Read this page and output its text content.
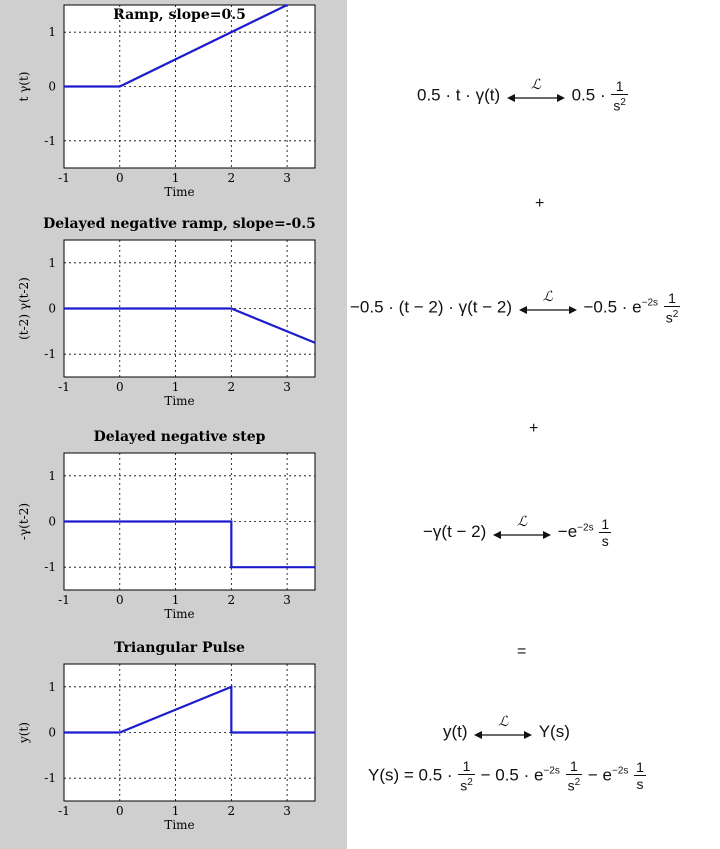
-1	0	1	2	3
-1
0
1
Ramp, slope=0.5
Time
t γ(t)
-1	0	1	2	3
-1
0
1
Delayed negative ramp, slope=-0.5
Time
(t-2) γ(t-2)
-1	0	1	2	3
-1
0
1
Delayed negative step
Time
-γ(t-2)
-1	0	1	2	3
-1
0
1
Triangular Pulse
Time
y(t)
0.5 · t · γ(t)
ℒ
$0.5 \cdot \frac{1}{s^2}$
+
−0.5 · (t − 2) · γ(t − 2)
ℒ
$-0.5 \cdot e^{-2s} \frac{1}{s^2}$
+
−γ(t − 2)
ℒ
$-e^{-2s} \frac{1}{s}$
=
y(t)
ℒ
Y(s)
$Y(s) = 0.5 \cdot \frac{1}{s^2} - 0.5 \cdot e^{-2s} \frac{1}{s^2} - e^{-2s} \frac{1}{s}$
